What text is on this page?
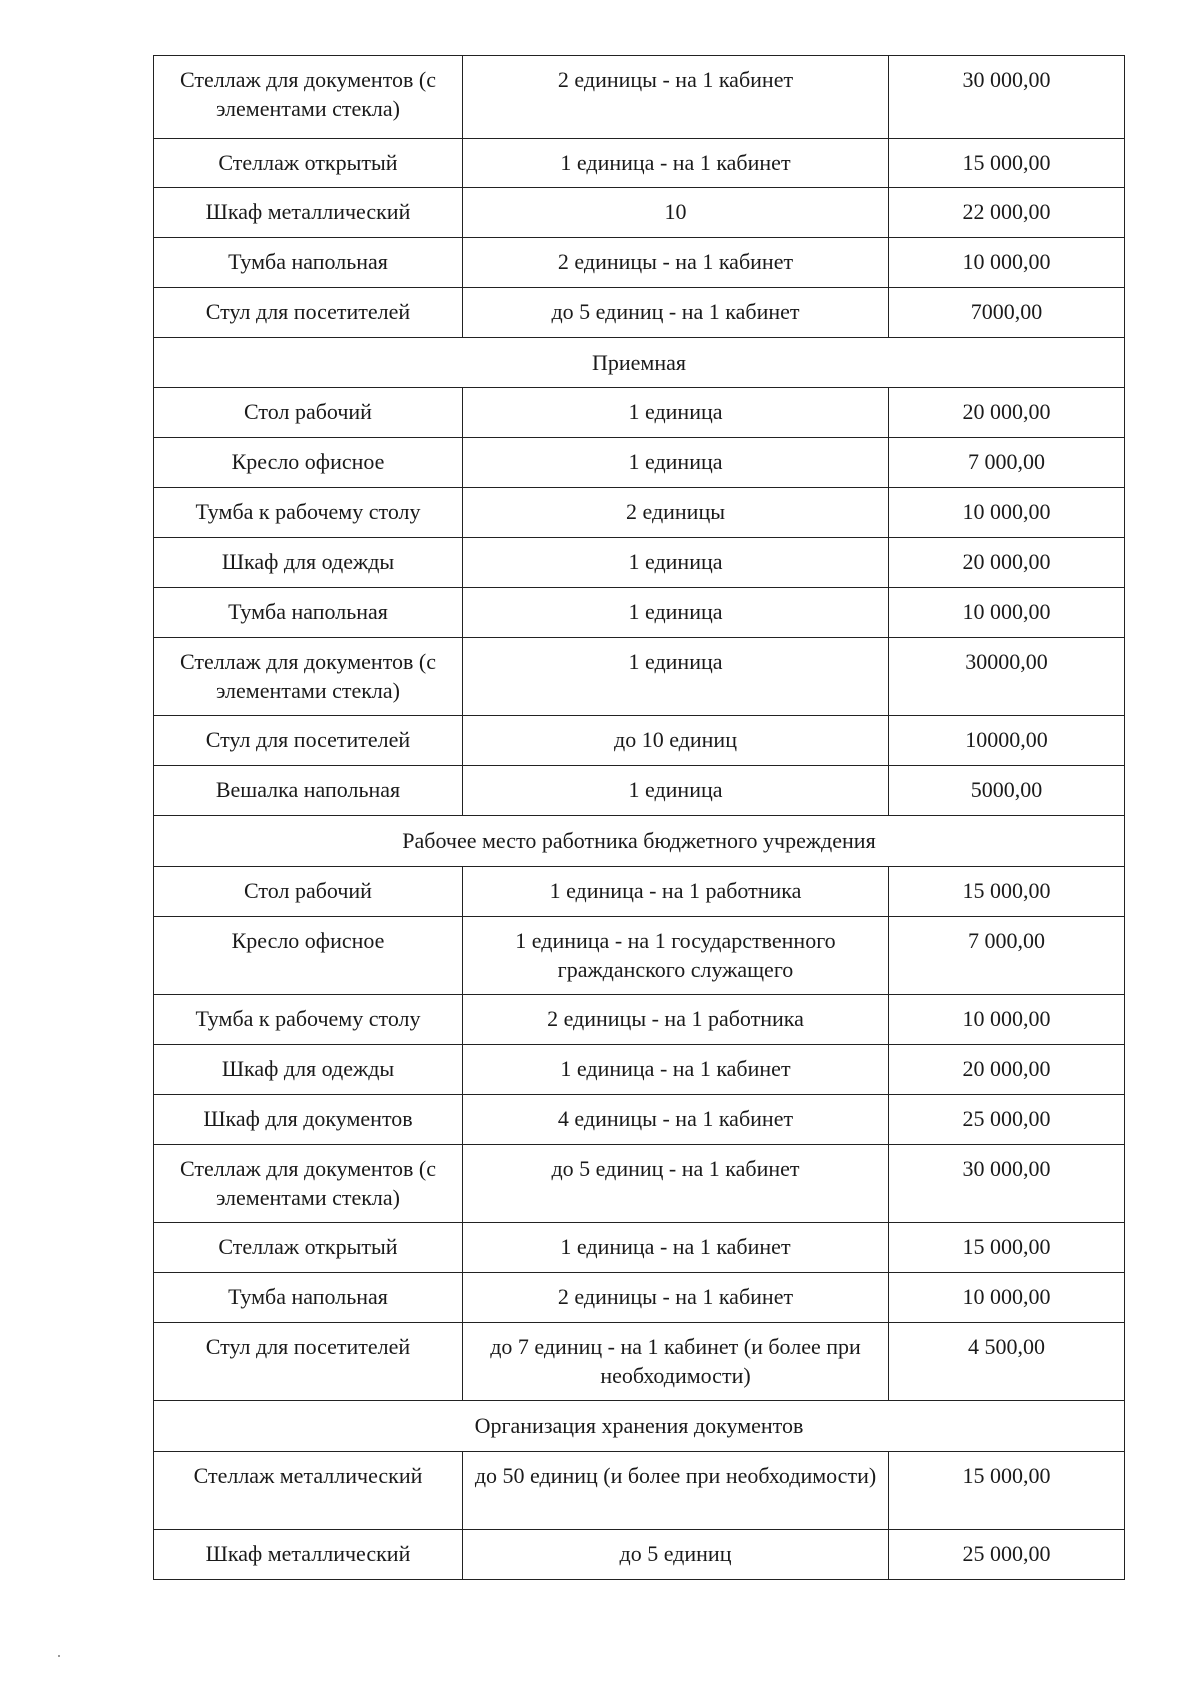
Стеллаж для документов (с элементами стекла)	2 единицы - на 1 кабинет	30 000,00
Стеллаж открытый	1 единица - на 1 кабинет	15 000,00
Шкаф металлический	10	22 000,00
Тумба напольная	2 единицы - на 1 кабинет	10 000,00
Стул для посетителей	до 5 единиц - на 1 кабинет	7000,00
Приемная		
Стол рабочий	1 единица	20 000,00
Кресло офисное	1 единица	7 000,00
Тумба к рабочему столу	2 единицы	10 000,00
Шкаф для одежды	1 единица	20 000,00
Тумба напольная	1 единица	10 000,00
Стеллаж для документов (с элементами стекла)	1 единица	30000,00
Стул для посетителей	до 10 единиц	10000,00
Вешалка напольная	1 единица	5000,00
Рабочее место работника бюджетного учреждения		
Стол рабочий	1 единица - на 1 работника	15 000,00
Кресло офисное	1 единица - на 1 государственного гражданского служащего	7 000,00
Тумба к рабочему столу	2 единицы - на 1 работника	10 000,00
Шкаф для одежды	1 единица - на 1 кабинет	20 000,00
Шкаф для документов	4 единицы - на 1 кабинет	25 000,00
Стеллаж для документов (с элементами стекла)	до 5 единиц - на 1 кабинет	30 000,00
Стеллаж открытый	1 единица - на 1 кабинет	15 000,00
Тумба напольная	2 единицы - на 1 кабинет	10 000,00
Стул для посетителей	до 7 единиц - на 1 кабинет (и более при необходимости)	4 500,00
Организация хранения документов		
Стеллаж металлический	до 50 единиц (и более при необходимости)	15 000,00
Шкаф металлический	до 5 единиц	25 000,00
